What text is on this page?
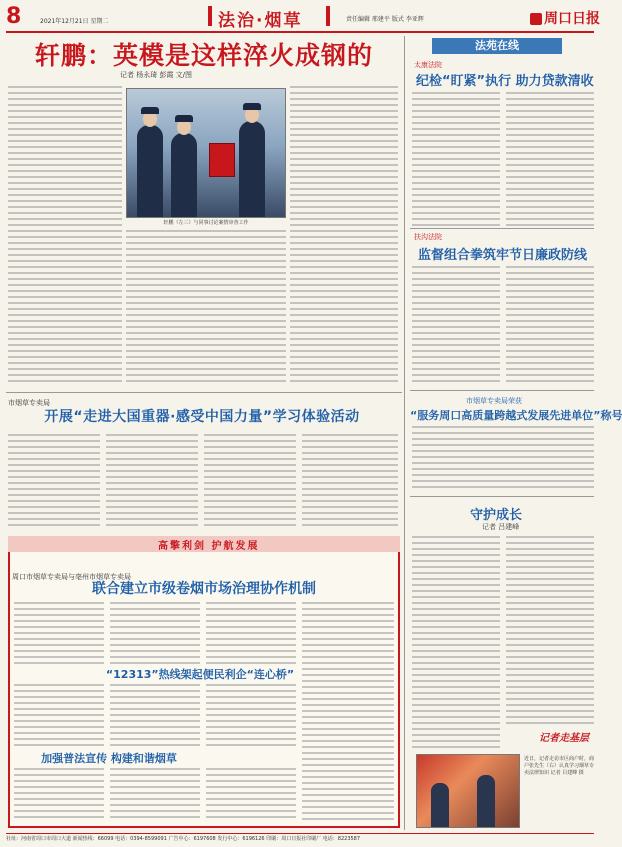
8	2021年12月21日 星期二	法治·烟草	责任编辑 邢建平 版式 李亚辉	周口日报
轩鹏：英模是这样淬火成钢的
记者 杨永琦 彭霞 文/图
轩鹏（左三）与同事讨论案情审查工作
法苑在线
太康法院
纪检“盯紧”执行 助力贷款清收
扶沟法院
监督组合拳筑牢节日廉政防线
市烟草专卖局荣获
“服务周口高质量跨越式发展先进单位”称号
守护成长
记者 吕建峰
记者走基层
近日，记者走访市区商户时，商户张先生（右）认真学习烟草专卖法律知识 记者 吕建峰 摄
市烟草专卖局
开展“走进大国重器·感受中国力量”学习体验活动
高擎利剑 护航发展
周口市烟草专卖局与亳州市烟草专卖局
联合建立市级卷烟市场治理协作机制
“12313”热线架起便民利企“连心桥”
加强普法宣传 构建和谐烟草
社址：河南省周口市周口大道 新闻热线：66099 电话：0394-8599091 广告中心：6197608 发行中心：6196126 印刷：周口日报社印刷厂 电话：8223587
